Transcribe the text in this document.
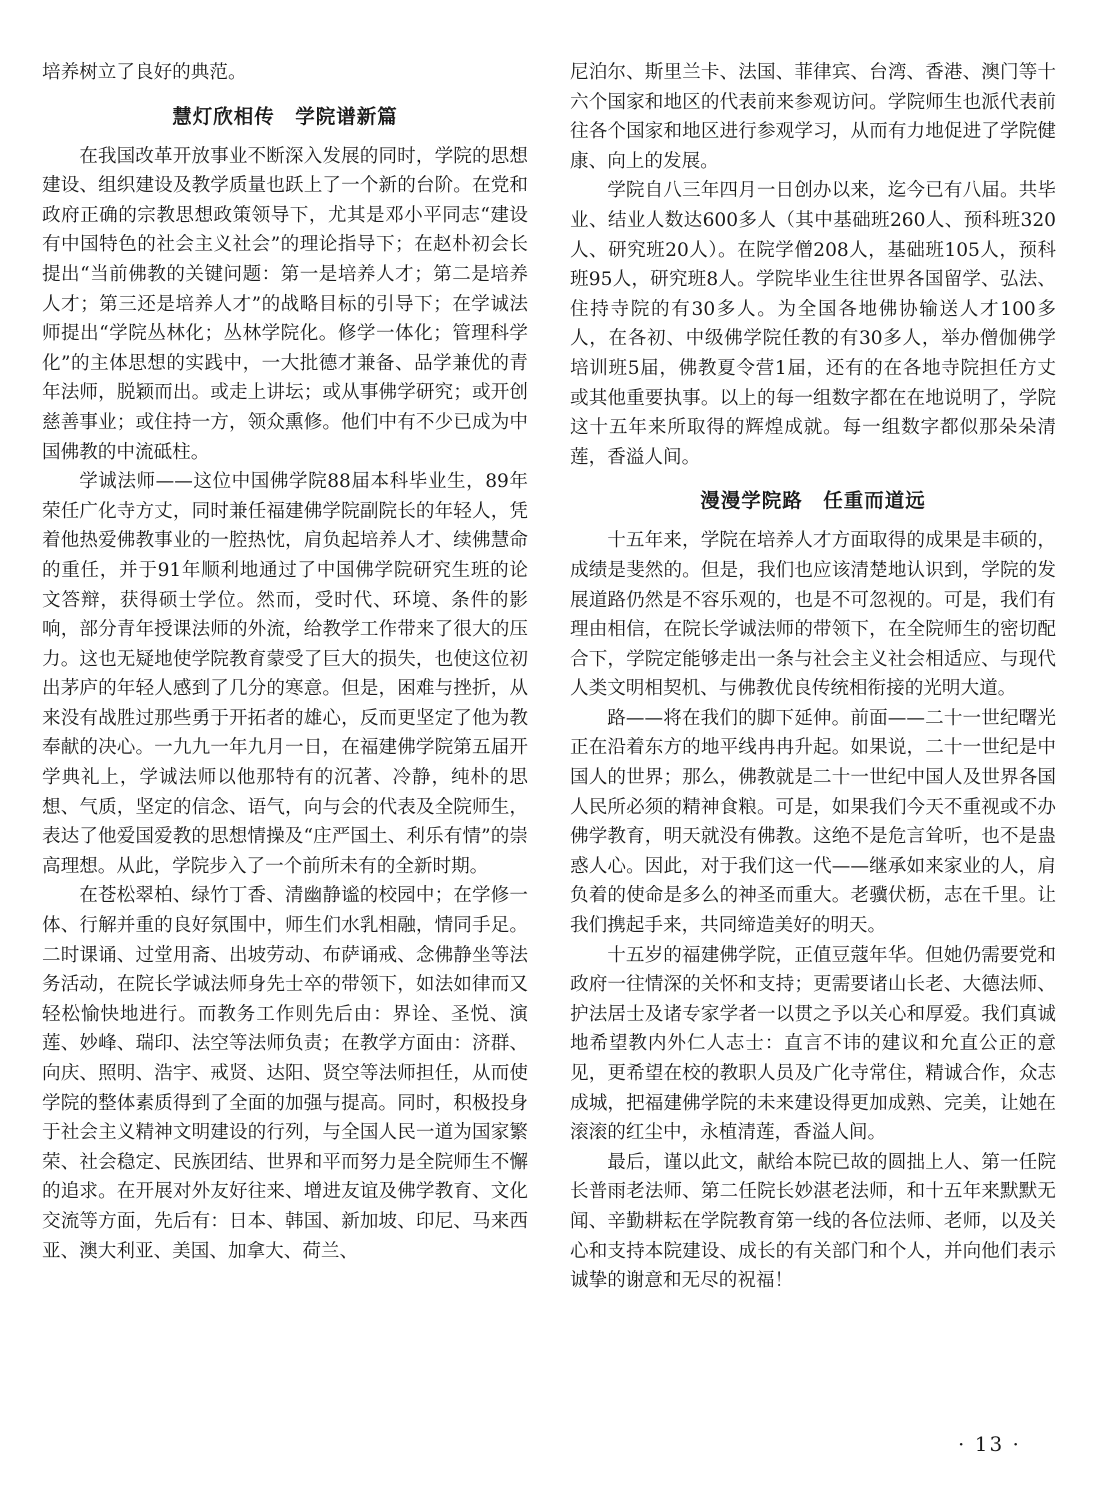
培养树立了良好的典范。

慧灯欣相传　学院谱新篇

在我国改革开放事业不断深入发展的同时，学院的思想建设、组织建设及教学质量也跃上了一个新的台阶。在党和政府正确的宗教思想政策领导下，尤其是邓小平同志“建设有中国特色的社会主义社会”的理论指导下；在赵朴初会长提出“当前佛教的关键问题：第一是培养人才；第二是培养人才；第三还是培养人才”的战略目标的引导下；在学诚法师提出“学院丛林化；丛林学院化。修学一体化；管理科学化”的主体思想的实践中，一大批德才兼备、品学兼优的青年法师，脱颖而出。或走上讲坛；或从事佛学研究；或开创慈善事业；或住持一方，领众熏修。他们中有不少已成为中国佛教的中流砥柱。

学诚法师——这位中国佛学院88届本科毕业生，89年荣任广化寺方丈，同时兼任福建佛学院副院长的年轻人，凭着他热爱佛教事业的一腔热忱，肩负起培养人才、续佛慧命的重任，并于91年顺利地通过了中国佛学院研究生班的论文答辩，获得硕士学位。然而，受时代、环境、条件的影响，部分青年授课法师的外流，给教学工作带来了很大的压力。这也无疑地使学院教育蒙受了巨大的损失，也使这位初出茅庐的年轻人感到了几分的寒意。但是，困难与挫折，从来没有战胜过那些勇于开拓者的雄心，反而更坚定了他为教奉献的决心。一九九一年九月一日，在福建佛学院第五届开学典礼上，学诚法师以他那特有的沉著、冷静，纯朴的思想、气质，坚定的信念、语气，向与会的代表及全院师生，表达了他爱国爱教的思想情操及“庄严国土、利乐有情”的崇高理想。从此，学院步入了一个前所未有的全新时期。

在苍松翠柏、绿竹丁香、清幽静谧的校园中；在学修一体、行解并重的良好氛围中，师生们水乳相融，情同手足。二时课诵、过堂用斋、出坡劳动、布萨诵戒、念佛静坐等法务活动，在院长学诚法师身先士卒的带领下，如法如律而又轻松愉快地进行。而教务工作则先后由：界诠、圣悦、演莲、妙峰、瑞印、法空等法师负责；在教学方面由：济群、向庆、照明、浩宇、戒贤、达阳、贤空等法师担任，从而使学院的整体素质得到了全面的加强与提高。同时，积极投身于社会主义精神文明建设的行列，与全国人民一道为国家繁荣、社会稳定、民族团结、世界和平而努力是全院师生不懈的追求。在开展对外友好往来、增进友谊及佛学教育、文化交流等方面，先后有：日本、韩国、新加坡、印尼、马来西亚、澳大利亚、美国、加拿大、荷兰、

尼泊尔、斯里兰卡、法国、菲律宾、台湾、香港、澳门等十六个国家和地区的代表前来参观访问。学院师生也派代表前往各个国家和地区进行参观学习，从而有力地促进了学院健康、向上的发展。

学院自八三年四月一日创办以来，迄今已有八届。共毕业、结业人数达600多人（其中基础班260人、预科班320人、研究班20人）。在院学僧208人，基础班105人，预科班95人，研究班8人。学院毕业生往世界各国留学、弘法、住持寺院的有30多人。为全国各地佛协输送人才100多人，在各初、中级佛学院任教的有30多人，举办僧伽佛学培训班5届，佛教夏令营1届，还有的在各地寺院担任方丈或其他重要执事。以上的每一组数字都在在地说明了，学院这十五年来所取得的辉煌成就。每一组数字都似那朵朵清莲，香溢人间。

漫漫学院路　任重而道远

十五年来，学院在培养人才方面取得的成果是丰硕的，成绩是斐然的。但是，我们也应该清楚地认识到，学院的发展道路仍然是不容乐观的，也是不可忽视的。可是，我们有理由相信，在院长学诚法师的带领下，在全院师生的密切配合下，学院定能够走出一条与社会主义社会相适应、与现代人类文明相契机、与佛教优良传统相衔接的光明大道。

路——将在我们的脚下延伸。前面——二十一世纪曙光正在沿着东方的地平线冉冉升起。如果说，二十一世纪是中国人的世界；那么，佛教就是二十一世纪中国人及世界各国人民所必须的精神食粮。可是，如果我们今天不重视或不办佛学教育，明天就没有佛教。这绝不是危言耸听，也不是蛊惑人心。因此，对于我们这一代——继承如来家业的人，肩负着的使命是多么的神圣而重大。老骥伏枥，志在千里。让我们携起手来，共同缔造美好的明天。

十五岁的福建佛学院，正值豆蔻年华。但她仍需要党和政府一往情深的关怀和支持；更需要诸山长老、大德法师、护法居士及诸专家学者一以贯之予以关心和厚爱。我们真诚地希望教内外仁人志士：直言不讳的建议和允直公正的意见，更希望在校的教职人员及广化寺常住，精诚合作，众志成城，把福建佛学院的未来建设得更加成熟、完美，让她在滚滚的红尘中，永植清莲，香溢人间。

最后，谨以此文，献给本院已故的圆拙上人、第一任院长普雨老法师、第二任院长妙湛老法师，和十五年来默默无闻、辛勤耕耘在学院教育第一线的各位法师、老师，以及关心和支持本院建设、成长的有关部门和个人，并向他们表示诚挚的谢意和无尽的祝福！

· 13 ·
